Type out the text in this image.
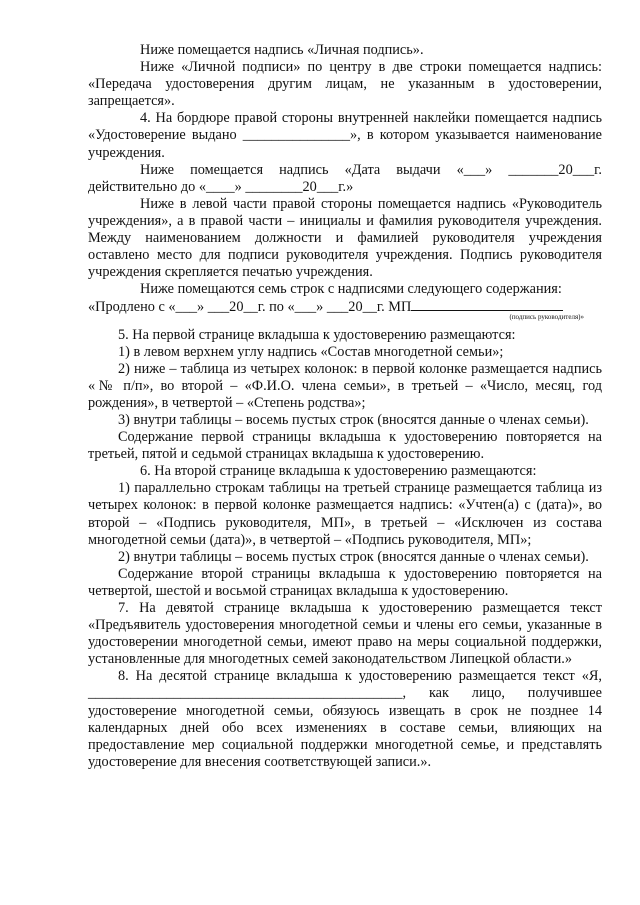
Ниже помещается надпись «Личная подпись».

Ниже «Личной подписи» по центру в две строки помещается надпись: «Передача удостоверения другим лицам, не указанным в удостоверении, запрещается».

4. На бордюре правой стороны внутренней наклейки помещается надпись «Удостоверение выдано _______________», в котором указывается наименование учреждения.

Ниже помещается надпись «Дата выдачи «___» _______20___г. действительно до «____» ________20___г.»

Ниже в левой части правой стороны помещается надпись «Руководитель учреждения», а в правой части – инициалы и фамилия руководителя учреждения. Между наименованием должности и фамилией руководителя учреждения оставлено место для подписи руководителя учреждения. Подпись руководителя учреждения скрепляется печатью учреждения.

Ниже помещаются семь строк с надписями следующего содержания:

«Продлено с «___» ___20__г. по «___» ___20__г. МП
(подпись руководителя)»

5. На первой странице вкладыша к удостоверению размещаются:

1) в левом верхнем углу надпись «Состав многодетной семьи»;

2) ниже – таблица из четырех колонок: в первой колонке размещается надпись «№ п/п», во второй – «Ф.И.О. члена семьи», в третьей – «Число, месяц, год рождения», в четвертой – «Степень родства»;

3) внутри таблицы – восемь пустых строк (вносятся данные о членах семьи).

Содержание первой страницы вкладыша к удостоверению повторяется на третьей, пятой и седьмой страницах вкладыша к удостоверению.

6. На второй странице вкладыша к удостоверению размещаются:

1) параллельно строкам таблицы на третьей странице размещается таблица из четырех колонок: в первой колонке размещается надпись: «Учтен(а) с (дата)», во второй – «Подпись руководителя, МП», в третьей – «Исключен из состава многодетной семьи (дата)», в четвертой – «Подпись руководителя, МП»;

2) внутри таблицы – восемь пустых строк (вносятся данные о членах семьи).

Содержание второй страницы вкладыша к удостоверению повторяется на четвертой, шестой и восьмой страницах вкладыша к удостоверению.

7. На девятой странице вкладыша к удостоверению размещается текст «Предъявитель удостоверения многодетной семьи и члены его семьи, указанные в удостоверении многодетной семьи, имеют право на меры социальной поддержки, установленные для многодетных семей законодательством Липецкой области.»

8. На десятой странице вкладыша к удостоверению размещается текст «Я, ____________________________________________, как лицо, получившее удостоверение многодетной семьи, обязуюсь извещать в срок не позднее 14 календарных дней обо всех изменениях в составе семьи, влияющих на предоставление мер социальной поддержки многодетной семье, и представлять удостоверение для внесения соответствующей записи.».
